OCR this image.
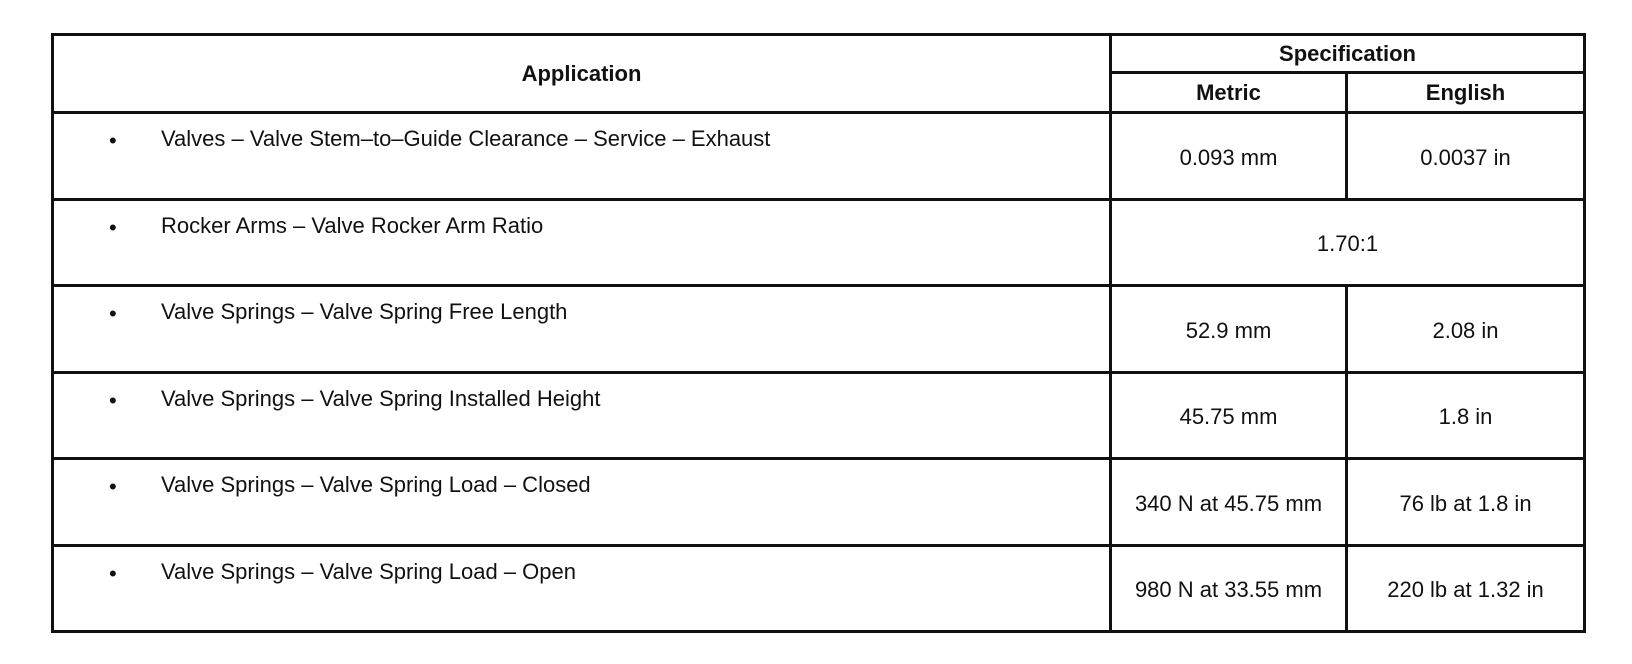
Application	Specification	
	Metric	English

• Valves – Valve Stem–to–Guide Clearance – Service – Exhaust	0.093 mm	0.0037 in

• Rocker Arms – Valve Rocker Arm Ratio	1.70:1	

• Valve Springs – Valve Spring Free Length	52.9 mm	2.08 in

• Valve Springs – Valve Spring Installed Height	45.75 mm	1.8 in

• Valve Springs – Valve Spring Load – Closed	340 N at 45.75 mm	76 lb at 1.8 in

• Valve Springs – Valve Spring Load – Open	980 N at 33.55 mm	220 lb at 1.32 in
